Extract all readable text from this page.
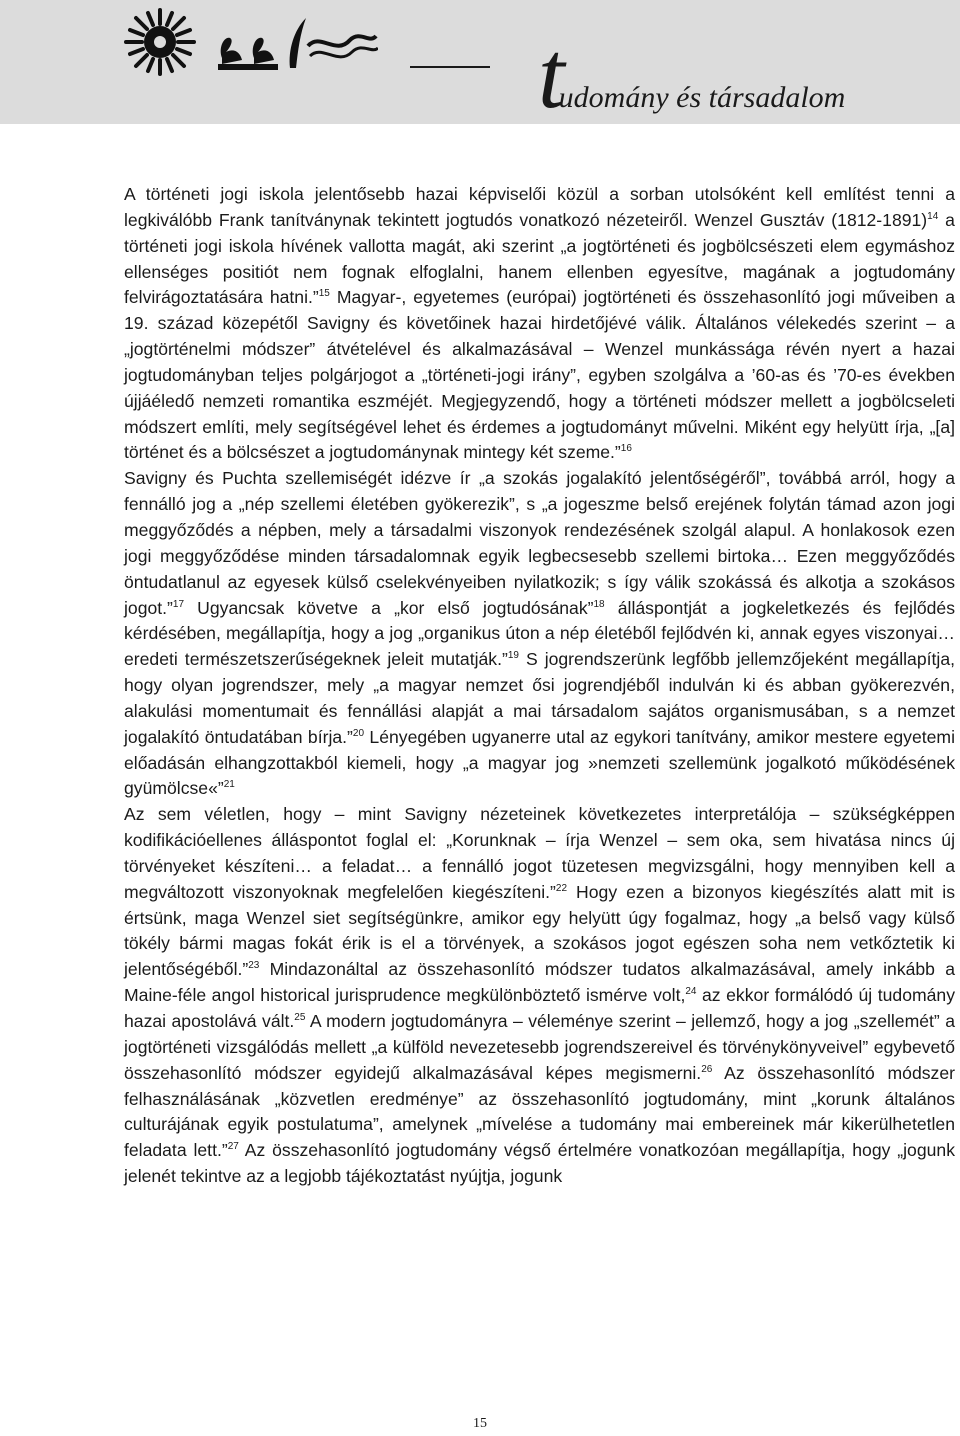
tudomány és társadalom

A történeti jogi iskola jelentősebb hazai képviselői közül a sorban utolsóként kell említést tenni a legkiválóbb Frank tanítványnak tekintett jogtudós vonatkozó nézeteiről. Wenzel Gusztáv (1812-1891)$^{14}$ a történeti jogi iskola hívének vallotta magát, aki szerint „a jogtörténeti és jogbölcsészeti elem egymáshoz ellenséges positiót nem fognak elfoglalni, hanem ellenben egyesítve, magának a jogtudomány felvirágoztatására hatni.”$^{15}$ Magyar-, egyetemes (európai) jogtörténeti és összehasonlító jogi műveiben a 19. század közepétől Savigny és követőinek hazai hirdetőjévé válik. Általános vélekedés szerint – a „jogtörténelmi módszer” átvételével és alkalmazásával – Wenzel munkássága révén nyert a hazai jogtudományban teljes polgárjogot a „történeti-jogi irány”, egyben szolgálva a ’60-as és ’70-es években újjáéledő nemzeti romantika eszméjét. Megjegyzendő, hogy a történeti módszer mellett a jogbölcseleti módszert említi, mely segítségével lehet és érdemes a jogtudományt művelni. Miként egy helyütt írja, „[a] történet és a bölcsészet a jogtudománynak mintegy két szeme.”$^{16}$

Savigny és Puchta szellemiségét idézve ír „a szokás jogalakító jelentőségéről”, továbbá arról, hogy a fennálló jog a „nép szellemi életében gyökerezik”, s „a jogeszme belső erejének folytán támad azon jogi meggyőződés a népben, mely a társadalmi viszonyok rendezésének szolgál alapul. A honlakosok ezen jogi meggyőződése minden társadalomnak egyik legbecsesebb szellemi birtoka… Ezen meggyőződés öntudatlanul az egyesek külső cselekvényeiben nyilatkozik; s így válik szokássá és alkotja a szokásos jogot.”$^{17}$ Ugyancsak követve a „kor első jogtudósának”$^{18}$ álláspontját a jogkeletkezés és fejlődés kérdésében, megállapítja, hogy a jog „organikus úton a nép életéből fejlődvén ki, annak egyes viszonyai… eredeti természetszerűségeknek jeleit mutatják.”$^{19}$ S jogrendszerünk legfőbb jellemzőjeként megállapítja, hogy olyan jogrendszer, mely „a magyar nemzet ősi jogrendjéből indulván ki és abban gyökerezvén, alakulási momentumait és fennállási alapját a mai társadalom sajátos organismusában, s a nemzet jogalakító öntudatában bírja.”$^{20}$ Lényegében ugyanerre utal az egykori tanítvány, amikor mestere egyetemi előadásán elhangzottakból kiemeli, hogy „a magyar jog »nemzeti szellemünk jogalkotó működésének gyümölcse«”$^{21}$

Az sem véletlen, hogy – mint Savigny nézeteinek következetes interpretálója – szükségképpen kodifikációellenes álláspontot foglal el: „Korunknak – írja Wenzel – sem oka, sem hivatása nincs új törvényeket készíteni… a feladat… a fennálló jogot tüzetesen megvizsgálni, hogy mennyiben kell a megváltozott viszonyoknak megfelelően kiegészíteni.”$^{22}$ Hogy ezen a bizonyos kiegészítés alatt mit is értsünk, maga Wenzel siet segítségünkre, amikor egy helyütt úgy fogalmaz, hogy „a belső vagy külső tökély bármi magas fokát érik is el a törvények, a szokásos jogot egészen soha nem vetkőztetik ki jelentőségéből.”$^{23}$ Mindazonáltal az összehasonlító módszer tudatos alkalmazásával, amely inkább a Maine-féle angol historical jurisprudence megkülönböztető ismérve volt,$^{24}$ az ekkor formálódó új tudomány hazai apostolává vált.$^{25}$ A modern jogtudományra – véleménye szerint – jellemző, hogy a jog „szellemét” a jogtörténeti vizsgálódás mellett „a külföld nevezetesebb jogrendszereivel és törvénykönyveivel” egybevető összehasonlító módszer egyidejű alkalmazásával képes megismerni.$^{26}$ Az összehasonlító módszer felhasználásának „közvetlen eredménye” az összehasonlító jogtudomány, mint „korunk általános culturájának egyik postulatuma”, amelynek „mívelése a tudomány mai embereinek már kikerülhetetlen feladata lett.”$^{27}$ Az összehasonlító jogtudomány végső értelmére vonatkozóan megállapítja, hogy „jogunk jelenét tekintve az a legjobb tájékoztatást nyújtja, jogunk

15
